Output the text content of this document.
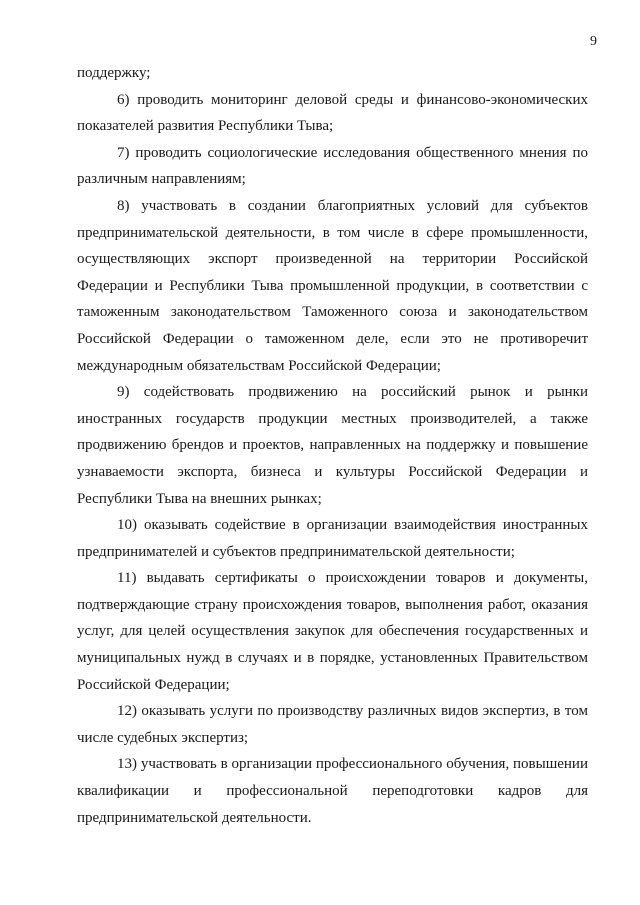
9

поддержку;

6) проводить мониторинг деловой среды и финансово-экономических показателей развития Республики Тыва;

7) проводить социологические исследования общественного мнения по различным направлениям;

8) участвовать в создании благоприятных условий для субъектов предпринимательской деятельности, в том числе в сфере промышленности, осуществляющих экспорт произведенной на территории Российской Федерации и Республики Тыва промышленной продукции, в соответствии с таможенным законодательством Таможенного союза и законодательством Российской Федерации о таможенном деле, если это не противоречит международным обязательствам Российской Федерации;

9) содействовать продвижению на российский рынок и рынки иностранных государств продукции местных производителей, а также продвижению брендов и проектов, направленных на поддержку и повышение узнаваемости экспорта, бизнеса и культуры Российской Федерации и Республики Тыва на внешних рынках;

10) оказывать содействие в организации взаимодействия иностранных предпринимателей и субъектов предпринимательской деятельности;

11) выдавать сертификаты о происхождении товаров и документы, подтверждающие страну происхождения товаров, выполнения работ, оказания услуг, для целей осуществления закупок для обеспечения государственных и муниципальных нужд в случаях и в порядке, установленных Правительством Российской Федерации;

12) оказывать услуги по производству различных видов экспертиз, в том числе судебных экспертиз;

13) участвовать в организации профессионального обучения, повышении квалификации и профессиональной переподготовки кадров для предпринимательской деятельности.
